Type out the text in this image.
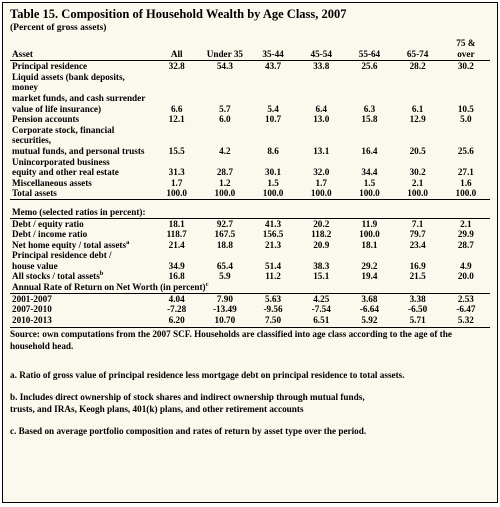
Table 15. Composition of Household Wealth by Age Class, 2007
(Percent of gross assets)
Asset	All	Under 35	35-44	45-54	55-64	65-74	75 &
over
Principal residence	32.8	54.3	43.7	33.8	25.6	28.2	30.2
Liquid assets (bank deposits, money
market funds, and cash surrender
value of life insurance)	6.6	5.7	5.4	6.4	6.3	6.1	10.5
Pension accounts	12.1	6.0	10.7	13.0	15.8	12.9	5.0
Corporate stock, financial securities,
mutual funds, and personal trusts	15.5	4.2	8.6	13.1	16.4	20.5	25.6
Unincorporated business
equity and other real estate	31.3	28.7	30.1	32.0	34.4	30.2	27.1
Miscellaneous assets	1.7	1.2	1.5	1.7	1.5	2.1	1.6
Total assets	100.0	100.0	100.0	100.0	100.0	100.0	100.0

Memo (selected ratios in percent):							
Debt / equity ratio	18.1	92.7	41.3	20.2	11.9	7.1	2.1
Debt / income ratio	118.7	167.5	156.5	118.2	100.0	79.7	29.9
Net home equity / total assets$^a$	21.4	18.8	21.3	20.9	18.1	23.4	28.7
Principal residence debt /
house value	34.9	65.4	51.4	38.3	29.2	16.9	4.9
All stocks / total assets$^b$	16.8	5.9	11.2	15.1	19.4	21.5	20.0
Annual Rate of Return on Net Worth (in percent)$^c$
2001-2007	4.04	7.90	5.63	4.25	3.68	3.38	2.53
2007-2010	-7.28	-13.49	-9.56	-7.54	-6.64	-6.50	-6.47
2010-2013	6.20	10.70	7.50	6.51	5.92	5.71	5.32
Source: own computations from the 2007 SCF. Households are classified into age class according to the age of the household head.

a. Ratio of gross value of principal residence less mortgage debt on principal residence to total assets.

b. Includes direct ownership of stock shares and indirect ownership through mutual funds,
trusts, and IRAs, Keogh plans, 401(k) plans, and other retirement accounts

c. Based on average portfolio composition and rates of return by asset type over the period.
